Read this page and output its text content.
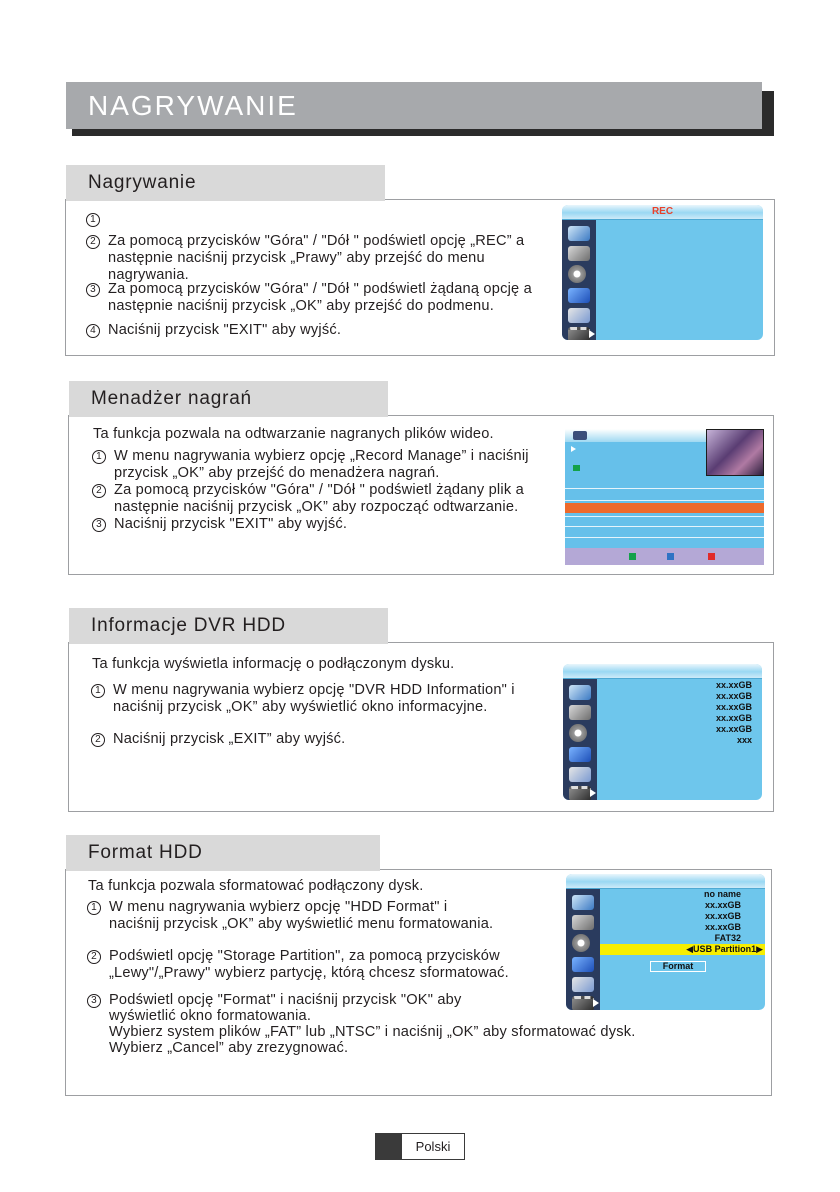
NAGRYWANIE
Nagrywanie
1
2 Za pomocą przycisków "Góra" / "Dół " podświetl opcję „REC” a
następnie naciśnij przycisk „Prawy” aby przejść do menu
nagrywania.
3 Za pomocą przycisków "Góra" / "Dół " podświetl żądaną opcję a
następnie naciśnij przycisk „OK” aby przejść do podmenu.
4 Naciśnij przycisk "EXIT" aby wyjść.
REC
Menadżer nagrań
Ta funkcja pozwala na odtwarzanie nagranych plików wideo.
1 W menu nagrywania wybierz opcję „Record Manage” i naciśnij
przycisk „OK” aby przejść do menadżera nagrań.
2 Za pomocą przycisków "Góra" / "Dół " podświetl żądany plik a
następnie naciśnij przycisk „OK” aby rozpocząć odtwarzanie.
3 Naciśnij przycisk "EXIT" aby wyjść.
Informacje DVR HDD
Ta funkcja wyświetla informację o podłączonym dysku.
1 W menu nagrywania wybierz opcję "DVR HDD Information" i
naciśnij przycisk „OK” aby wyświetlić okno informacyjne.
2 Naciśnij przycisk „EXIT” aby wyjść.
xx.xxGB
xx.xxGB
xx.xxGB
xx.xxGB
xx.xxGB
xxx
Format HDD
Ta funkcja pozwala sformatować podłączony dysk.
1 W menu nagrywania wybierz opcję "HDD Format" i
naciśnij przycisk „OK” aby wyświetlić menu formatowania.
2 Podświetl opcję "Storage Partition", za pomocą przycisków
„Lewy"/„Prawy" wybierz partycję, którą chcesz sformatować.
3 Podświetl opcję "Format" i naciśnij przycisk "OK" aby
wyświetlić okno formatowania.
Wybierz system plików „FAT” lub „NTSC” i naciśnij „OK” aby sformatować dysk.
Wybierz „Cancel” aby zrezygnować.
no name
xx.xxGB
xx.xxGB
xx.xxGB
FAT32
◀USB Partition1▶
Format
Polski
